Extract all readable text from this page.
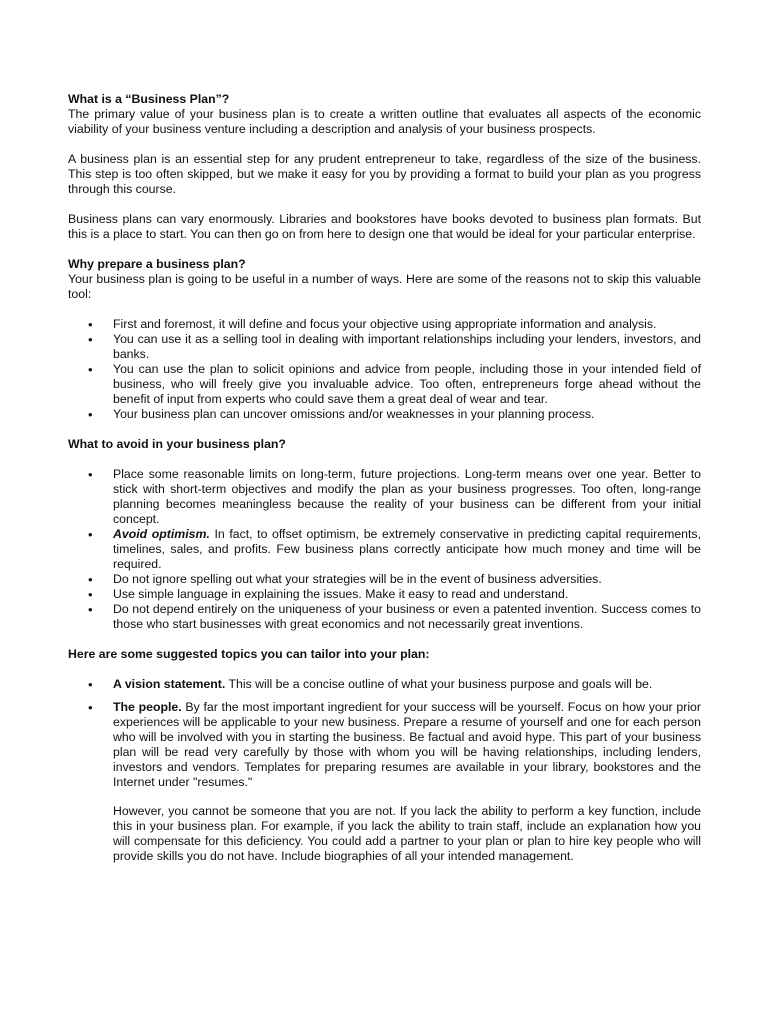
What is a “Business Plan”?

The primary value of your business plan is to create a written outline that evaluates all aspects of the economic viability of your business venture including a description and analysis of your business prospects.

A business plan is an essential step for any prudent entrepreneur to take, regardless of the size of the business. This step is too often skipped, but we make it easy for you by providing a format to build your plan as you progress through this course.

Business plans can vary enormously. Libraries and bookstores have books devoted to business plan formats. But this is a place to start. You can then go on from here to design one that would be ideal for your particular enterprise.

Why prepare a business plan?

Your business plan is going to be useful in a number of ways. Here are some of the reasons not to skip this valuable tool:

• First and foremost, it will define and focus your objective using appropriate information and analysis.
• You can use it as a selling tool in dealing with important relationships including your lenders, investors, and banks.
• You can use the plan to solicit opinions and advice from people, including those in your intended field of business, who will freely give you invaluable advice. Too often, entrepreneurs forge ahead without the benefit of input from experts who could save them a great deal of wear and tear.
• Your business plan can uncover omissions and/or weaknesses in your planning process.

What to avoid in your business plan?

• Place some reasonable limits on long-term, future projections. Long-term means over one year. Better to stick with short-term objectives and modify the plan as your business progresses. Too often, long-range planning becomes meaningless because the reality of your business can be different from your initial concept.
• Avoid optimism. In fact, to offset optimism, be extremely conservative in predicting capital requirements, timelines, sales, and profits. Few business plans correctly anticipate how much money and time will be required.
• Do not ignore spelling out what your strategies will be in the event of business adversities.
• Use simple language in explaining the issues. Make it easy to read and understand.
• Do not depend entirely on the uniqueness of your business or even a patented invention. Success comes to those who start businesses with great economics and not necessarily great inventions.

Here are some suggested topics you can tailor into your plan:

• A vision statement. This will be a concise outline of what your business purpose and goals will be.
• The people. By far the most important ingredient for your success will be yourself. Focus on how your prior experiences will be applicable to your new business. Prepare a resume of yourself and one for each person who will be involved with you in starting the business. Be factual and avoid hype. This part of your business plan will be read very carefully by those with whom you will be having relationships, including lenders, investors and vendors. Templates for preparing resumes are available in your library, bookstores and the Internet under "resumes."

However, you cannot be someone that you are not. If you lack the ability to perform a key function, include this in your business plan. For example, if you lack the ability to train staff, include an explanation how you will compensate for this deficiency. You could add a partner to your plan or plan to hire key people who will provide skills you do not have. Include biographies of all your intended management.
